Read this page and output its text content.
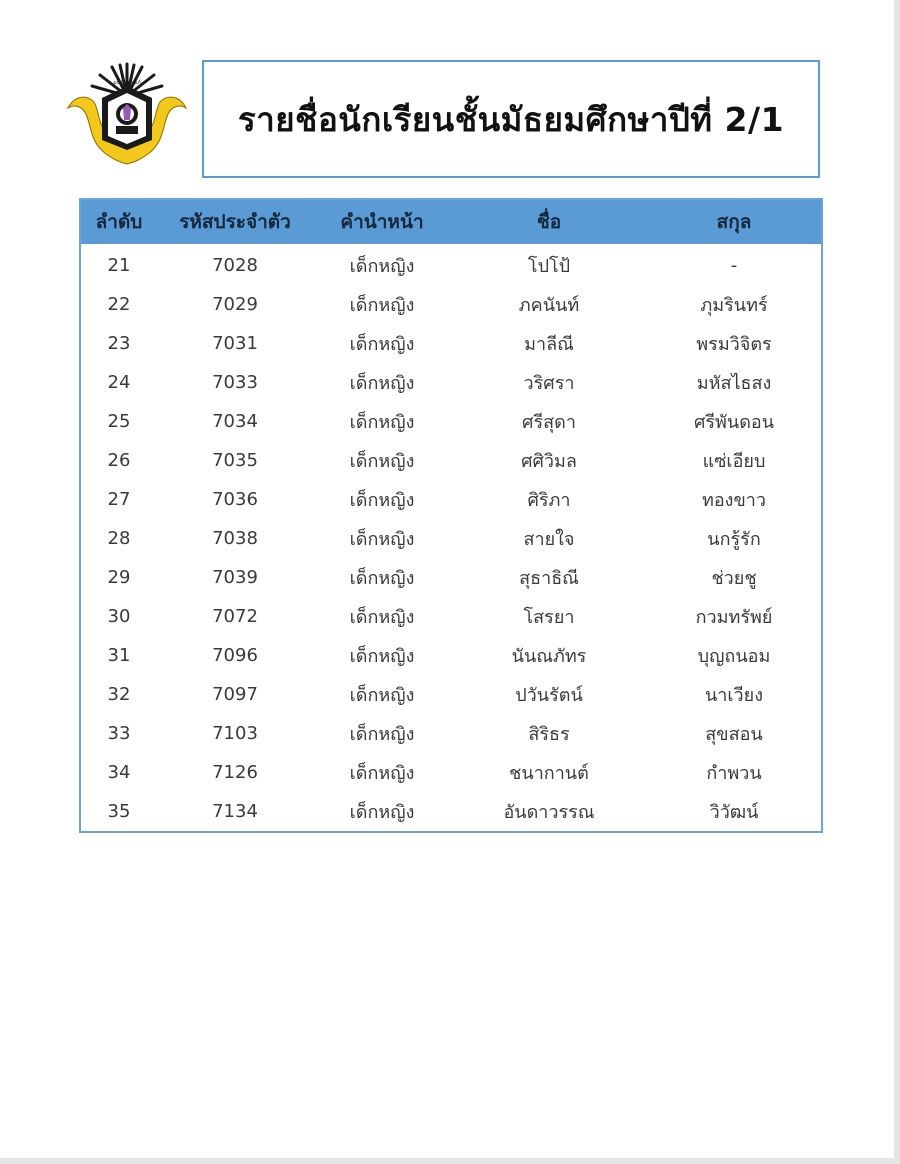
มนต์ ถีลนยภ์
รายชื่อนักเรียนชั้นมัธยมศึกษาปีที่ 2/1
ลำดับ	รหัสประจำตัว	คำนำหน้า	ชื่อ	สกุล
21	7028	เด็กหญิง	โปโป้	-
22	7029	เด็กหญิง	ภคนันท์	ภุมรินทร์
23	7031	เด็กหญิง	มาลีณี	พรมวิจิตร
24	7033	เด็กหญิง	วริศรา	มหัสไธสง
25	7034	เด็กหญิง	ศรีสุดา	ศรีพันดอน
26	7035	เด็กหญิง	ศศิวิมล	แซ่เอียบ
27	7036	เด็กหญิง	ศิริภา	ทองขาว
28	7038	เด็กหญิง	สายใจ	นกรู้รัก
29	7039	เด็กหญิง	สุธาธิณี	ช่วยชู
30	7072	เด็กหญิง	โสรยา	กวมทรัพย์
31	7096	เด็กหญิง	นันณภัทร	บุญถนอม
32	7097	เด็กหญิง	ปวันรัตน์	นาเวียง
33	7103	เด็กหญิง	สิริธร	สุขสอน
34	7126	เด็กหญิง	ชนากานต์	กำพวน
35	7134	เด็กหญิง	อันดาวรรณ	วิวัฒน์
